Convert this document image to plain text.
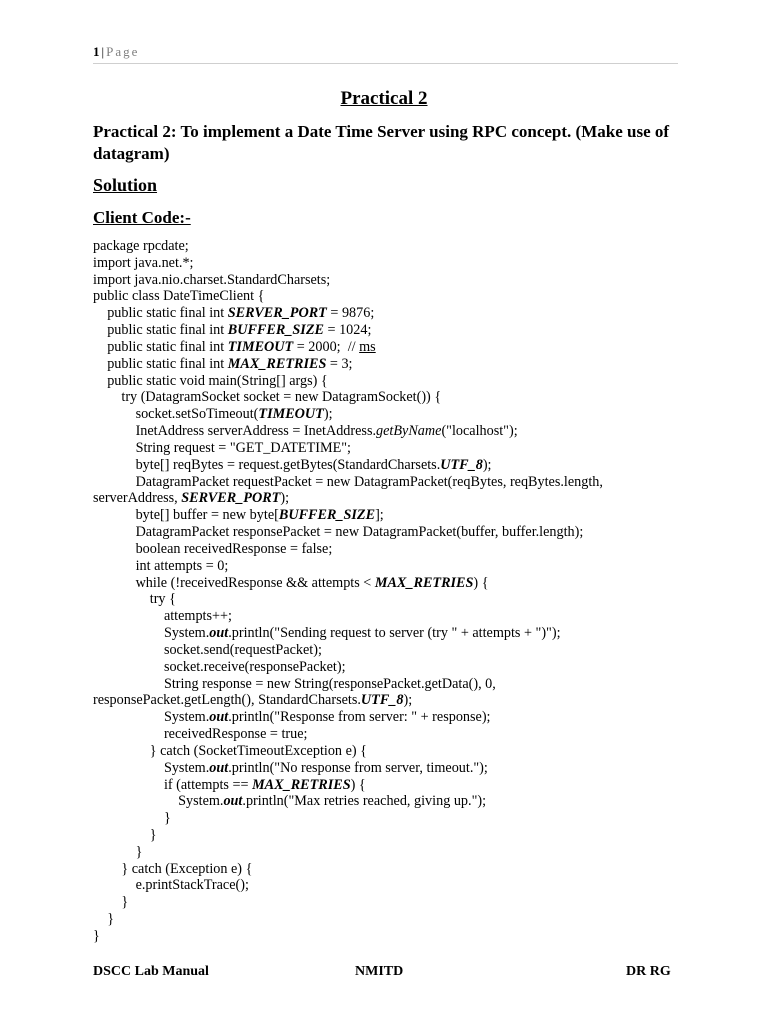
1 | Page
Practical 2
Practical 2: To implement a Date Time Server using RPC concept. (Make use of datagram)
Solution
Client Code:-
package rpcdate;
import java.net.*;
import java.nio.charset.StandardCharsets;
public class DateTimeClient {
public static final int SERVER_PORT = 9876;
public static final int BUFFER_SIZE = 1024;
public static final int TIMEOUT = 2000;  // ms
public static final int MAX_RETRIES = 3;
public static void main(String[] args) {
try (DatagramSocket socket = new DatagramSocket()) {
socket.setSoTimeout(TIMEOUT);
InetAddress serverAddress = InetAddress.getByName("localhost");
String request = "GET_DATETIME";
byte[] reqBytes = request.getBytes(StandardCharsets.UTF_8);
DatagramPacket requestPacket = new DatagramPacket(reqBytes, reqBytes.length,
serverAddress, SERVER_PORT);
byte[] buffer = new byte[BUFFER_SIZE];
DatagramPacket responsePacket = new DatagramPacket(buffer, buffer.length);
boolean receivedResponse = false;
int attempts = 0;
while (!receivedResponse && attempts < MAX_RETRIES) {
try {
attempts++;
System.out.println("Sending request to server (try " + attempts + ")");
socket.send(requestPacket);
socket.receive(responsePacket);
String response = new String(responsePacket.getData(), 0,
responsePacket.getLength(), StandardCharsets.UTF_8);
System.out.println("Response from server: " + response);
receivedResponse = true;
} catch (SocketTimeoutException e) {
System.out.println("No response from server, timeout.");
if (attempts == MAX_RETRIES) {
System.out.println("Max retries reached, giving up.");
}
}
}
} catch (Exception e) {
e.printStackTrace();
}
}
}
DSCC Lab Manual	NMITD	DR RG
